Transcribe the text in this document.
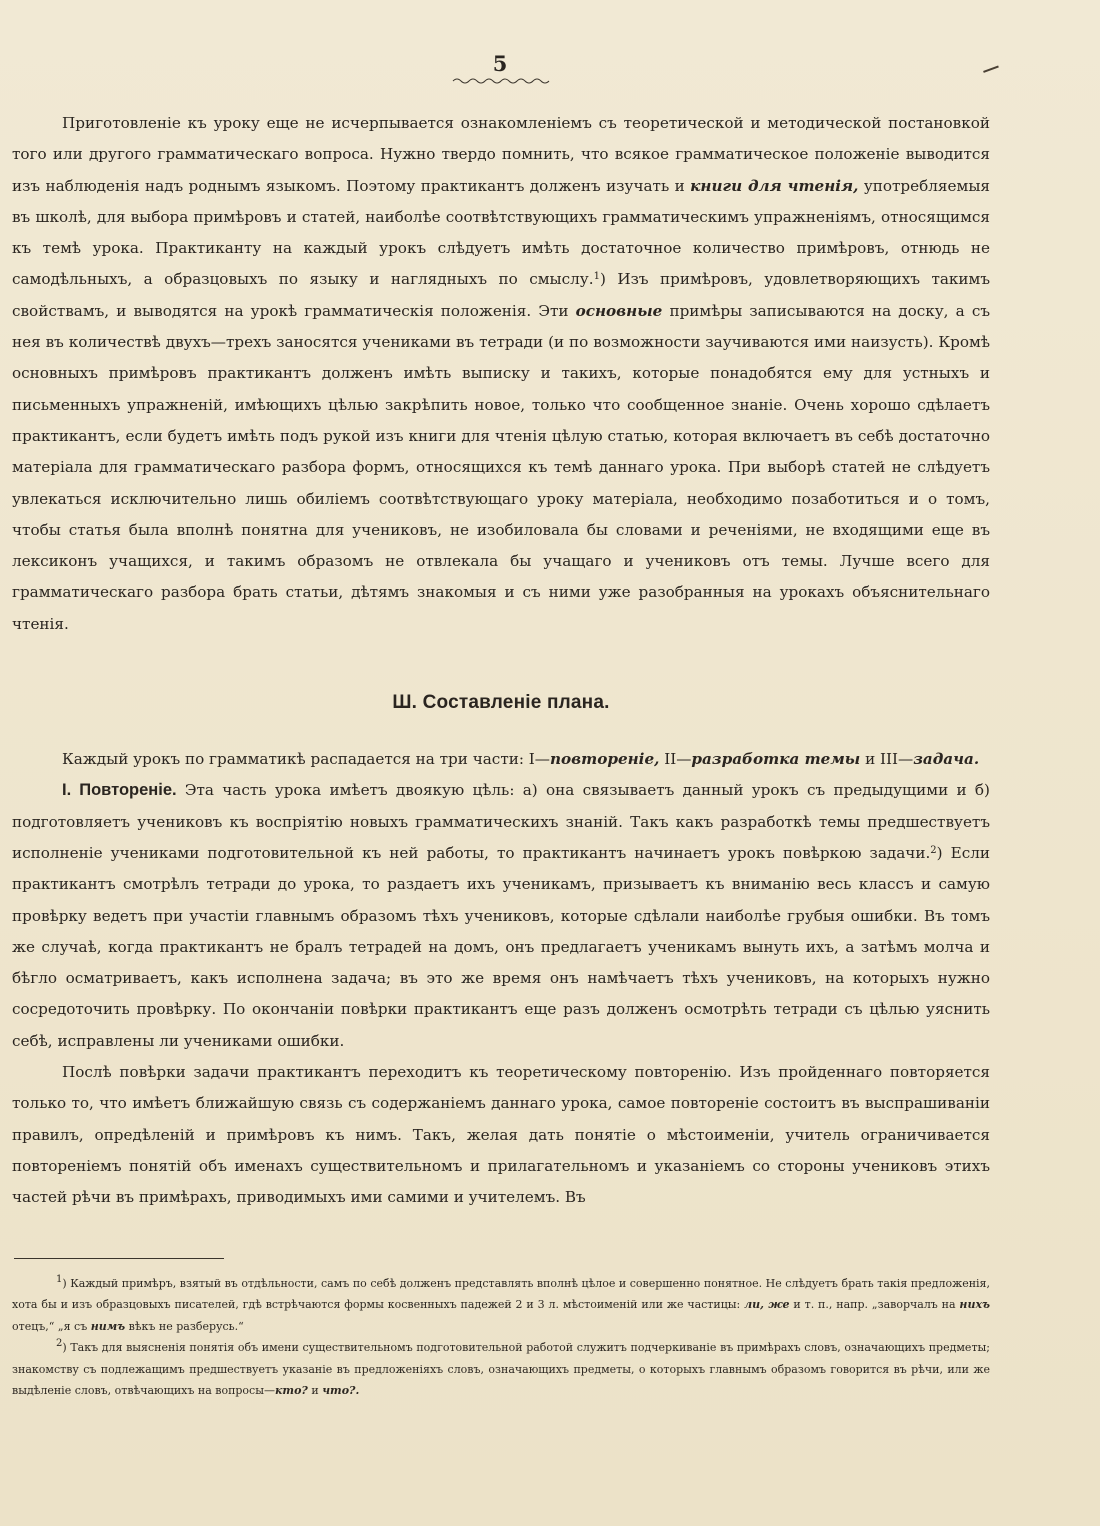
5

Приготовленіе къ уроку еще не исчерпывается ознакомленіемъ съ теоретической и методической постановкой того или другого грамматическаго вопроса. Нужно твердо помнить, что всякое грамматическое положеніе выводится изъ наблюденія надъ роднымъ языкомъ. Поэтому практикантъ долженъ изучать и книги для чтенія, употребляемыя въ школѣ, для выбора примѣровъ и статей, наиболѣе соотвѣтствующихъ грамматическимъ упражненіямъ, относящимся къ темѣ урока. Практиканту на каждый урокъ слѣдуетъ имѣть достаточное количество примѣровъ, отнюдь не самодѣльныхъ, а образцовыхъ по языку и наглядныхъ по смыслу.$^1$) Изъ примѣровъ, удовлетворяющихъ такимъ свойствамъ, и выводятся на урокѣ грамматическія положенія. Эти основные примѣры записываются на доску, а съ нея въ количествѣ двухъ—трехъ заносятся учениками въ тетради (и по возможности заучиваются ими наизусть). Кромѣ основныхъ примѣровъ практикантъ долженъ имѣть выписку и такихъ, которые понадобятся ему для устныхъ и письменныхъ упражненій, имѣющихъ цѣлью закрѣпить новое, только что сообщенное знаніе. Очень хорошо сдѣлаетъ практикантъ, если будетъ имѣть подъ рукой изъ книги для чтенія цѣлую статью, которая включаетъ въ себѣ достаточно матеріала для грамматическаго разбора формъ, относящихся къ темѣ даннаго урока. При выборѣ статей не слѣдуетъ увлекаться исключительно лишь обиліемъ соотвѣтствующаго уроку матеріала, необходимо позаботиться и о томъ, чтобы статья была вполнѣ понятна для учениковъ, не изобиловала бы словами и реченіями, не входящими еще въ лексиконъ учащихся, и такимъ образомъ не отвлекала бы учащаго и учениковъ отъ темы. Лучше всего для грамматическаго разбора брать статьи, дѣтямъ знакомыя и съ ними уже разобранныя на урокахъ объяснительнаго чтенія.

Ш. Составленіе плана.

Каждый урокъ по грамматикѣ распадается на три части: I—повтореніе, II—разработка темы и III—задача.

I. Повтореніе. Эта часть урока имѣетъ двоякую цѣль: а) она связываетъ данный урокъ съ предыдущими и б) подготовляетъ учениковъ къ воспріятію новыхъ грамматическихъ знаній. Такъ какъ разработкѣ темы предшествуетъ исполненіе учениками подготовительной къ ней работы, то практикантъ начинаетъ урокъ повѣркою задачи.$^2$) Если практикантъ смотрѣлъ тетради до урока, то раздаетъ ихъ ученикамъ, призываетъ къ вниманію весь классъ и самую провѣрку ведетъ при участіи главнымъ образомъ тѣхъ учениковъ, которые сдѣлали наиболѣе грубыя ошибки. Въ томъ же случаѣ, когда практикантъ не бралъ тетрадей на домъ, онъ предлагаетъ ученикамъ вынуть ихъ, а затѣмъ молча и бѣгло осматриваетъ, какъ исполнена задача; въ это же время онъ намѣчаетъ тѣхъ учениковъ, на которыхъ нужно сосредоточить провѣрку. По окончаніи повѣрки практикантъ еще разъ долженъ осмотрѣть тетради съ цѣлью уяснить себѣ, исправлены ли учениками ошибки.

Послѣ повѣрки задачи практикантъ переходитъ къ теоретическому повторенію. Изъ пройденнаго повторяется только то, что имѣетъ ближайшую связь съ содержаніемъ даннаго урока, самое повтореніе состоитъ въ выспрашиваніи правилъ, опредѣленій и примѣровъ къ нимъ. Такъ, желая дать понятіе о мѣстоименіи, учитель ограничивается повтореніемъ понятій объ именахъ существительномъ и прилагательномъ и указаніемъ со стороны учениковъ этихъ частей рѣчи въ примѣрахъ, приводимыхъ ими самими и учителемъ. Въ

$^1$) Каждый примѣръ, взятый въ отдѣльности, самъ по себѣ долженъ представлять вполнѣ цѣлое и совершенно понятное. Не слѣдуетъ брать такія предложенія, хота бы и изъ образцовыхъ писателей, гдѣ встрѣчаются формы косвенныхъ падежей 2 и 3 л. мѣстоименій или же частицы: ли, же и т. п., напр. „заворчалъ на нихъ отецъ,“ „я съ нимъ вѣкъ не разберусь.“

$^2$) Такъ для выясненія понятія объ имени существительномъ подготовительной работой служитъ подчеркиваніе въ примѣрахъ словъ, означающихъ предметы; знакомству съ подлежащимъ предшествуетъ указаніе въ предложеніяхъ словъ, означающихъ предметы, о которыхъ главнымъ образомъ говорится въ рѣчи, или же выдѣленіе словъ, отвѣчающихъ на вопросы—кто? и что?.
